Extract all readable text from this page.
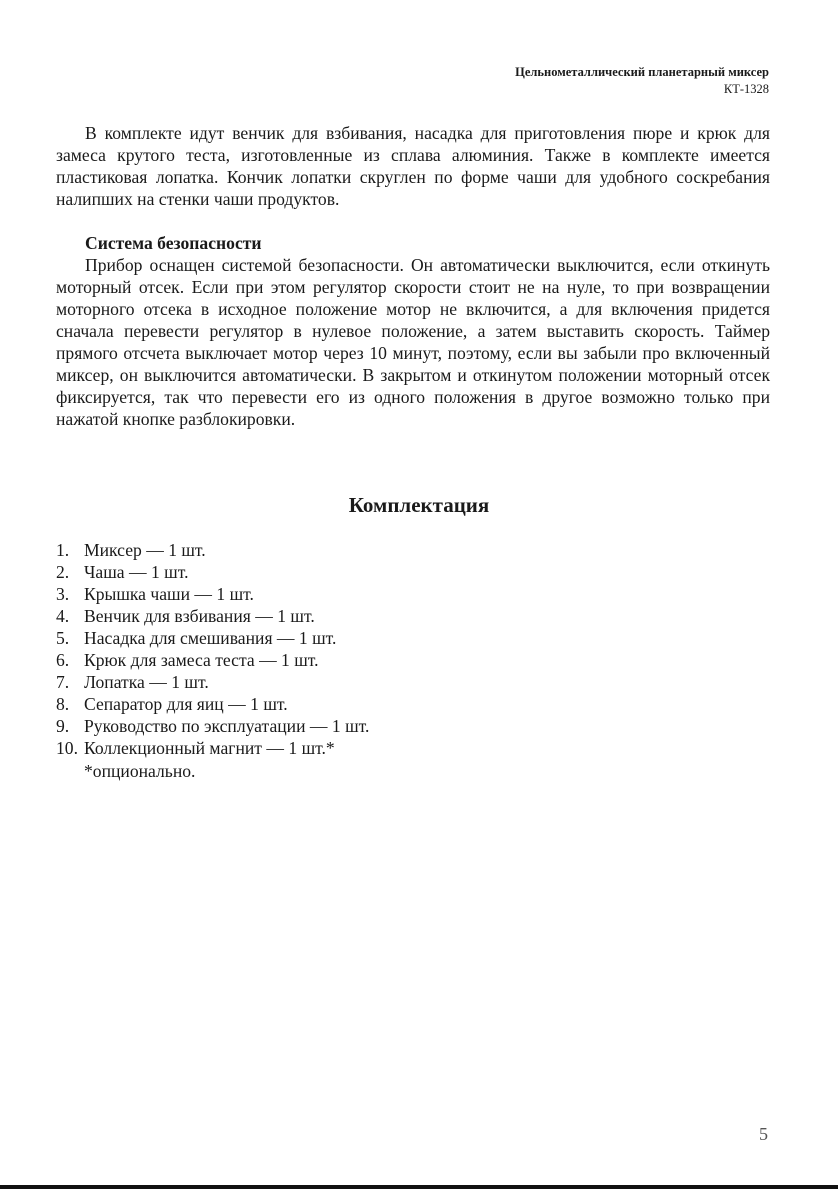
Цельнометаллический планетарный миксер
КТ-1328

В комплекте идут венчик для взбивания, насадка для приготовления пюре и крюк для замеса крутого теста, изготовленные из сплава алюминия. Также в комплекте имеется пластиковая лопатка. Кончик лопатки скруглен по форме чаши для удобного соскребания налипших на стенки чаши продуктов.

Система безопасности

Прибор оснащен системой безопасности. Он автоматически выключится, если откинуть моторный отсек. Если при этом регулятор скорости стоит не на нуле, то при возвращении моторного отсека в исходное положение мотор не включится, а для включения придется сначала перевести регулятор в нулевое положение, а затем выставить скорость. Таймер прямого отсчета выключает мотор через 10 минут, поэтому, если вы забыли про включенный миксер, он выключится автоматически. В закрытом и откинутом положении моторный отсек фиксируется, так что перевести его из одного положения в другое возможно только при нажатой кнопке разблокировки.

Комплектация
1. Миксер — 1 шт.
2. Чаша — 1 шт.
3. Крышка чаши — 1 шт.
4. Венчик для взбивания — 1 шт.
5. Насадка для смешивания — 1 шт.
6. Крюк для замеса теста — 1 шт.
7. Лопатка — 1 шт.
8. Сепаратор для яиц — 1 шт.
9. Руководство по эксплуатации — 1 шт.
10. Коллекционный магнит — 1 шт.*

*опционально.

5
